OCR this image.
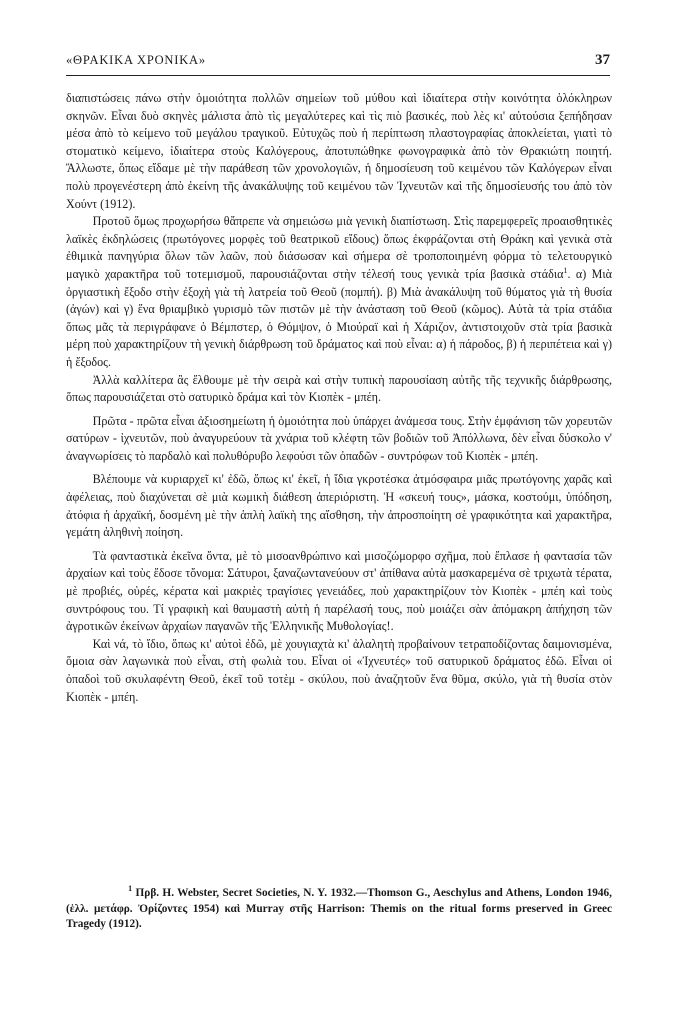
«ΘΡΑΚΙΚΑ ΧΡΟΝΙΚΑ»	37

διαπιστώσεις πάνω στὴν ὁμοιότητα πολλῶν σημείων τοῦ μύθου καὶ ἰδιαίτερα στὴν κοινότητα ὁλόκληρων σκηνῶν. Εἶναι δυὸ σκηνὲς μάλιστα ἀπὸ τὶς μεγαλύτερες καὶ τὶς πιὸ βασικές, ποὺ λὲς κι' αὐτούσια ξεπήδησαν μέσα ἀπὸ τὸ κείμενο τοῦ μεγάλου τραγικοῦ. Εὐτυχῶς ποὺ ἡ περίπτωση πλαστογραφίας ἀποκλείεται, γιατὶ τὸ στοματικὸ κείμενο, ἰδιαίτερα στοὺς Καλόγερους, ἀποτυπώθηκε φωνογραφικὰ ἀπὸ τὸν Θρακιώτη ποιητή. Ἄλλωστε, ὅπως εἴδαμε μὲ τὴν παράθεση τῶν χρονολογιῶν, ἡ δημοσίευση τοῦ κειμένου τῶν Καλόγερων εἶναι πολὺ προγενέστερη ἀπὸ ἐκείνη τῆς ἀνακάλυψης τοῦ κειμένου τῶν Ἰχνευτῶν καὶ τῆς δημοσίευσής του ἀπὸ τὸν Χούντ (1912).

Προτοῦ ὅμως προχωρήσω θἄπρεπε νὰ σημειώσω μιὰ γενικὴ διαπίστωση. Στὶς παρεμφερεῖς προαισθητικὲς λαϊκὲς ἐκδηλώσεις (πρωτόγονες μορφὲς τοῦ θεατρικοῦ εἴδους) ὅπως ἐκφράζονται στὴ Θράκη καὶ γενικὰ στὰ ἐθιμικὰ πανηγύρια ὅλων τῶν λαῶν, ποὺ διάσωσαν καὶ σήμερα σὲ τροποποιημένη φόρμα τὸ τελετουργικὸ μαγικὸ χαρακτῆρα τοῦ τοτεμισμοῦ, παρουσιάζονται στὴν τέλεσή τους γενικὰ τρία βασικὰ στάδια$^1$. α) Μιὰ ὀργιαστικὴ ἔξοδο στὴν ἐξοχὴ γιὰ τὴ λατρεία τοῦ Θεοῦ (πομπή). β) Μιὰ ἀνακάλυψη τοῦ θύματος γιὰ τὴ θυσία (ἀγών) καὶ γ) ἕνα θριαμβικὸ γυρισμὸ τῶν πιστῶν μὲ τὴν ἀνάσταση τοῦ Θεοῦ (κῶμος). Αὐτὰ τὰ τρία στάδια ὅπως μᾶς τὰ περιγράφανε ὁ Βέμπστερ, ὁ Θόμψον, ὁ Μιούραϊ καὶ ἡ Χάριζον, ἀντιστοιχοῦν στὰ τρία βασικὰ μέρη ποὺ χαρακτηρίζουν τὴ γενικὴ διάρθρωση τοῦ δράματος καὶ ποὺ εἶναι: α) ἡ πάροδος, β) ἡ περιπέτεια καὶ γ) ἡ ἔξοδος.

Ἀλλὰ καλλίτερα ἂς ἔλθουμε μὲ τὴν σειρὰ καὶ στὴν τυπικὴ παρουσίαση αὐτῆς τῆς τεχνικῆς διάρθρωσης, ὅπως παρουσιάζεται στὸ σατυρικὸ δράμα καὶ τὸν Κιοπὲκ - μπέη.

Πρῶτα - πρῶτα εἶναι ἀξιοσημείωτη ἡ ὁμοιότητα ποὺ ὑπάρχει ἀνάμεσα τους. Στὴν ἐμφάνιση τῶν χορευτῶν σατύρων - ἰχνευτῶν, ποὺ ἀναγυρεύουν τὰ χνάρια τοῦ κλέφτη τῶν βοδιῶν τοῦ Ἀπόλλωνα, δὲν εἶναι δύσκολο ν' ἀναγνωρίσεις τὸ παρδαλὸ καὶ πολυθόρυβο λεφούσι τῶν ὀπαδῶν - συντρόφων τοῦ Κιοπὲκ - μπέη.

Βλέπουμε νὰ κυριαρχεῖ κι' ἐδῶ, ὅπως κι' ἐκεῖ, ἡ ἴδια γκροτέσκα ἀτμόσφαιρα μιᾶς πρωτόγονης χαρᾶς καὶ ἀφέλειας, ποὺ διαχύνεται σὲ μιὰ κωμικὴ διάθεση ἀπεριόριστη. Ἡ «σκευή τους», μάσκα, κοστούμι, ὑπόδηση, ἀτόφια ἡ ἀρχαϊκή, δοσμένη μὲ τὴν ἁπλὴ λαϊκὴ της αἴσθηση, τὴν ἀπροσποίητη σὲ γραφικότητα καὶ χαρακτῆρα, γεμάτη ἀληθινὴ ποίηση.

Τὰ φανταστικὰ ἐκεῖνα ὄντα, μὲ τὸ μισοανθρώπινο καὶ μισοζώμορφο σχῆμα, ποὺ ἔπλασε ἡ φαντασία τῶν ἀρχαίων καὶ τοὺς ἔδοσε τὄνομα: Σάτυροι, ξαναζωντανεύουν στ' ἀπίθανα αὐτὰ μασκαρεμένα σὲ τριχωτὰ τέρατα, μὲ προβιές, οὐρές, κέρατα καὶ μακριὲς τραγίσιες γενειάδες, ποὺ χαρακτηρίζουν τὸν Κιοπὲκ - μπέη καὶ τοὺς συντρόφους του. Τί γραφικὴ καὶ θαυμαστὴ αὐτὴ ἡ παρέλασή τους, ποὺ μοιάζει σὰν ἀπόμακρη ἀπήχηση τῶν ἀγροτικῶν ἐκείνων ἀρχαίων παγανῶν τῆς Ἑλληνικῆς Μυθολογίας!.

Καὶ νά, τὸ ἴδιο, ὅπως κι' αὐτοὶ ἐδῶ, μὲ χουγιαχτὰ κι' ἀλαλητὴ προβαίνουν τετραποδίζοντας δαιμονισμένα, ὅμοια σὰν λαγωνικὰ ποὺ εἶναι, στὴ φωλιὰ του. Εἶναι οἱ «Ἰχνευτές» τοῦ σατυρικοῦ δράματος ἐδῶ. Εἶναι οἱ ὀπαδοὶ τοῦ σκυλαφέντη Θεοῦ, ἐκεῖ τοῦ τοτὲμ - σκύλου, ποὺ ἀναζητοῦν ἕνα θῦμα, σκύλο, γιὰ τὴ θυσία στὸν Κιοπὲκ - μπέη.

$^1$ Πρβ. H. Webster, Secret Societies, N. Y. 1932.—Thomson G., Aeschylus and Athens, London 1946, (ἑλλ. μετάφρ. Ὀρίζοντες 1954) καὶ Murray στῆς Harrison: Themis on the ritual forms preserved in Greec Tragedy (1912).
